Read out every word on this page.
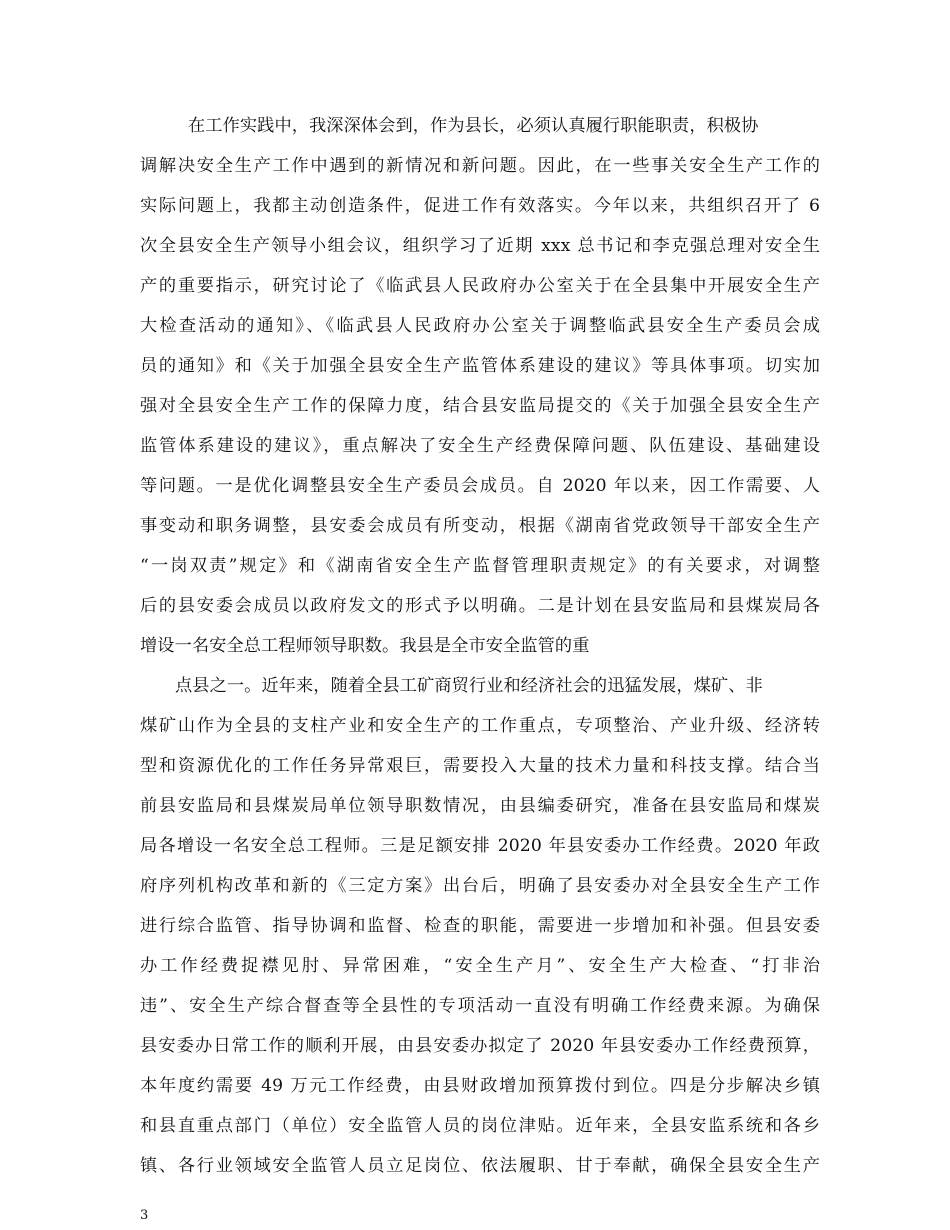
在工作实践中，我深深体会到，作为县长，必须认真履行职能职责，积极协
调解决安全生产工作中遇到的新情况和新问题。因此，在一些事关安全生产工作的
实际问题上，我都主动创造条件，促进工作有效落实。今年以来，共组织召开了 6
次全县安全生产领导小组会议，组织学习了近期 xxx 总书记和李克强总理对安全生
产的重要指示，研究讨论了《临武县人民政府办公室关于在全县集中开展安全生产
大检查活动的通知》、《临武县人民政府办公室关于调整临武县安全生产委员会成
员的通知》和《关于加强全县安全生产监管体系建设的建议》等具体事项。切实加
强对全县安全生产工作的保障力度，结合县安监局提交的《关于加强全县安全生产
监管体系建设的建议》，重点解决了安全生产经费保障问题、队伍建设、基础建设
等问题。一是优化调整县安全生产委员会成员。自 2020 年以来，因工作需要、人
事变动和职务调整，县安委会成员有所变动，根据《湖南省党政领导干部安全生产
“一岗双责”规定》和《湖南省安全生产监督管理职责规定》的有关要求，对调整
后的县安委会成员以政府发文的形式予以明确。二是计划在县安监局和县煤炭局各
增设一名安全总工程师领导职数。我县是全市安全监管的重
点县之一。近年来，随着全县工矿商贸行业和经济社会的迅猛发展，煤矿、非
煤矿山作为全县的支柱产业和安全生产的工作重点，专项整治、产业升级、经济转
型和资源优化的工作任务异常艰巨，需要投入大量的技术力量和科技支撑。结合当
前县安监局和县煤炭局单位领导职数情况，由县编委研究，准备在县安监局和煤炭
局各增设一名安全总工程师。三是足额安排 2020 年县安委办工作经费。2020 年政
府序列机构改革和新的《三定方案》出台后，明确了县安委办对全县安全生产工作
进行综合监管、指导协调和监督、检查的职能，需要进一步增加和补强。但县安委
办工作经费捉襟见肘、异常困难，“安全生产月”、安全生产大检查、“打非治
违”、安全生产综合督查等全县性的专项活动一直没有明确工作经费来源。为确保
县安委办日常工作的顺利开展，由县安委办拟定了 2020 年县安委办工作经费预算，
本年度约需要 49 万元工作经费，由县财政增加预算拨付到位。四是分步解决乡镇
和县直重点部门（单位）安全监管人员的岗位津贴。近年来，全县安监系统和各乡
镇、各行业领域安全监管人员立足岗位、依法履职、甘于奉献，确保全县安全生产
3
